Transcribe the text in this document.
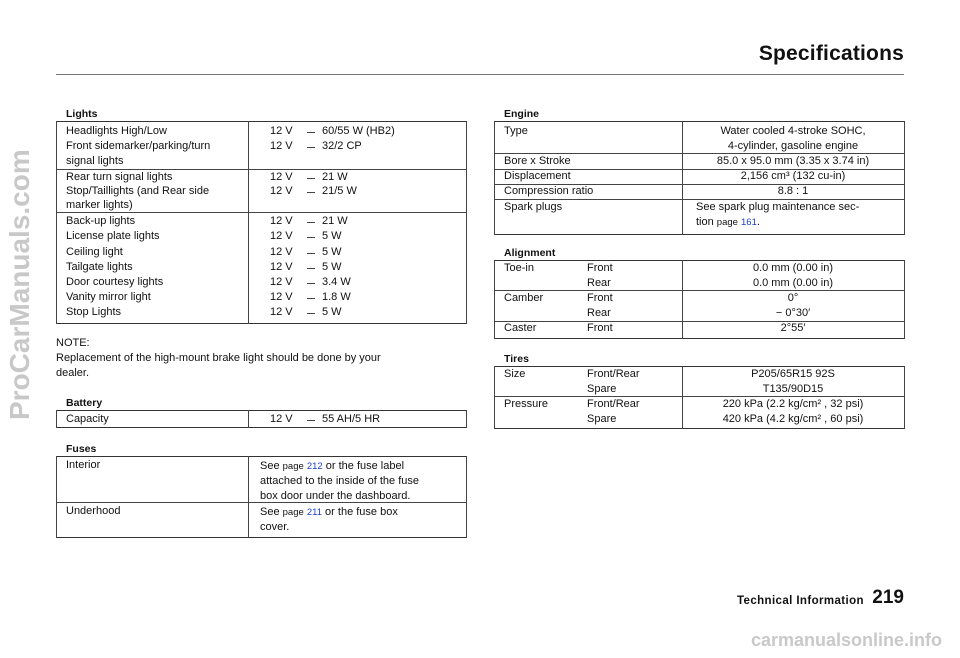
Specifications
Lights
Headlights High/Low	12 V	60/55 W (HB2)
Front sidemarker/parking/turn
signal lights
12 V	32/2 CP
Rear turn signal lights	12 V	21 W
Stop/Taillights (and Rear side
marker lights)
12 V	21/5 W
Back-up lights	12 V	21 W
License plate lights	12 V	5 W
Ceiling light	12 V	5 W
Tailgate lights	12 V	5 W
Door courtesy lights	12 V	3.4 W
Vanity mirror light	12 V	1.8 W
Stop Lights	12 V	5 W
NOTE:
Replacement of the high-mount brake light should be done by your
dealer.
Battery
Capacity	12 V	55 AH/5 HR
Fuses
Interior	See page 212 or the fuse label
attached to the inside of the fuse
box door under the dashboard.
Underhood	See page 211 or the fuse box
cover.
Engine
Type	Water cooled 4-stroke SOHC,
4-cylinder, gasoline engine
Bore x Stroke	85.0 x 95.0 mm (3.35 x 3.74 in)
Displacement	2,156 cm³ (132 cu-in)
Compression ratio	8.8 : 1
Spark plugs	See spark plug maintenance sec-
tion page 161.
Alignment
Toe-in	Front	0.0 mm (0.00 in)
Rear	0.0 mm (0.00 in)
Camber	Front	0°
Rear	− 0°30′
Caster	Front	2°55′
Tires
Size	Front/Rear	P205/65R15 92S
Spare	T135/90D15
Pressure	Front/Rear	220 kPa (2.2 kg/cm² , 32 psi)
Spare	420 kPa (4.2 kg/cm² , 60 psi)
Technical Information 219
ProCarManuals.com
carmanualsonline.info
